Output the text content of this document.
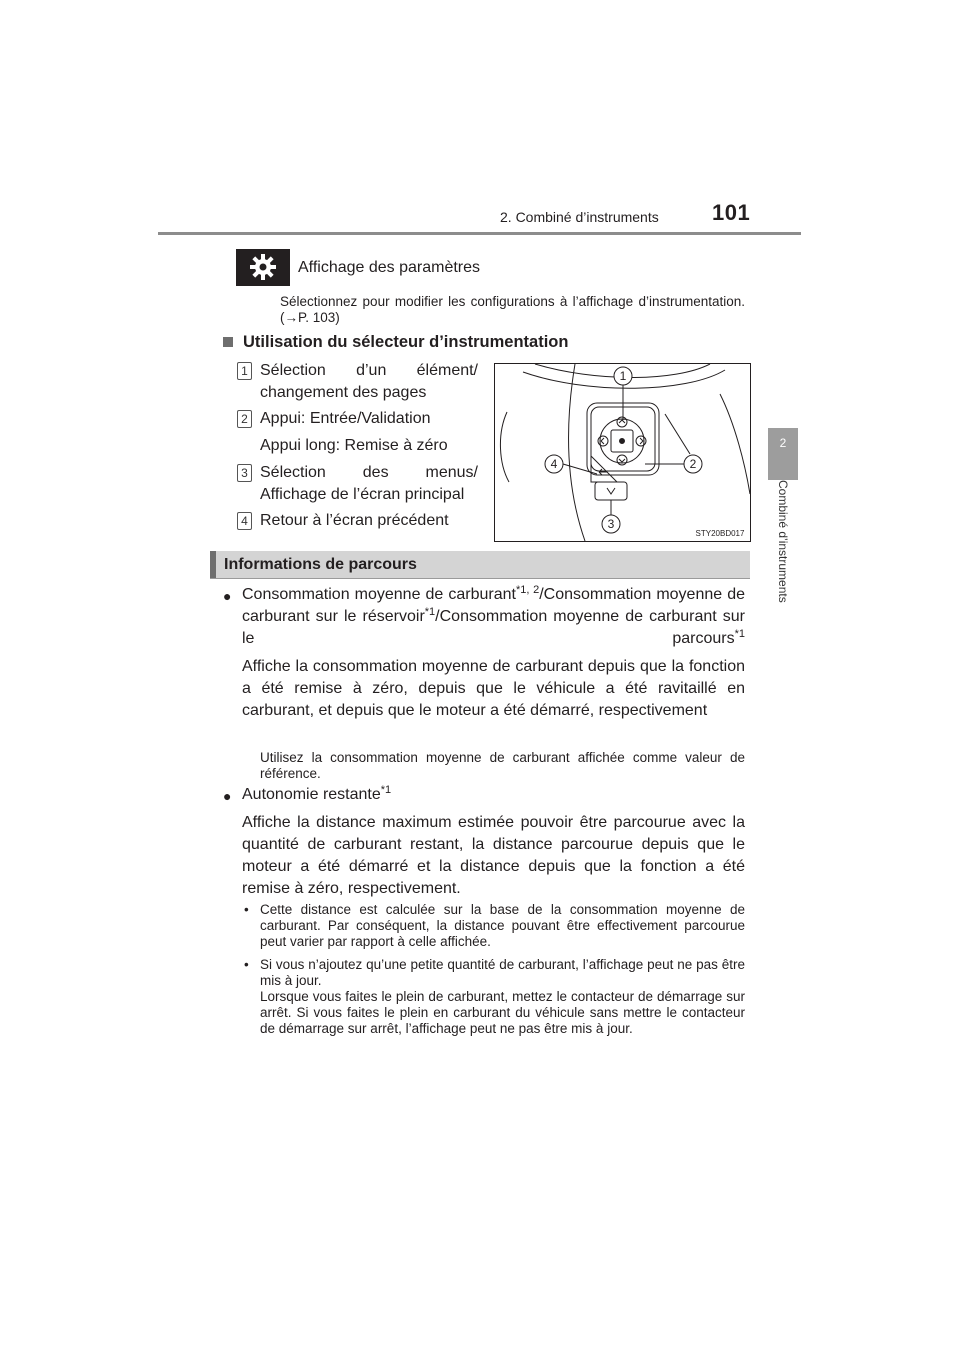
2. Combiné d’instruments 101
2
Combiné d’instruments
Affichage des paramètres
Sélectionnez pour modifier les configurations à l’affichage d’instrumentation. (→P. 103)
Utilisation du sélecteur d’instrumentation
1 Sélection d’un élément/
changement des pages
2 Appui: Entrée/Validation
Appui long: Remise à zéro
3 Sélection des menus/
Affichage de l’écran principal
4 Retour à l’écran précédent
1
2
3
4
STY20BD017
Informations de parcours
● Consommation moyenne de carburant$^{*1, 2}$/Consommation moyenne de carburant sur le réservoir$^{*1}$/Consommation moyenne de carburant sur le parcours$^{*1}$
Affiche la consommation moyenne de carburant depuis que la fonction a été remise à zéro, depuis que le véhicule a été ravitaillé en carburant, et depuis que le moteur a été démarré, respectivement
Utilisez la consommation moyenne de carburant affichée comme valeur de référence.
● Autonomie restante$^{*1}$
Affiche la distance maximum estimée pouvoir être parcourue avec la quantité de carburant restant, la distance parcourue depuis que le moteur a été démarré et la distance depuis que la fonction a été remise à zéro, respectivement.
• Cette distance est calculée sur la base de la consommation moyenne de carburant. Par conséquent, la distance pouvant être effectivement parcourue peut varier par rapport à celle affichée.
• Si vous n’ajoutez qu’une petite quantité de carburant, l’affichage peut ne pas être mis à jour.
Lorsque vous faites le plein de carburant, mettez le contacteur de démarrage sur arrêt. Si vous faites le plein en carburant du véhicule sans mettre le contacteur de démarrage sur arrêt, l’affichage peut ne pas être mis à jour.
